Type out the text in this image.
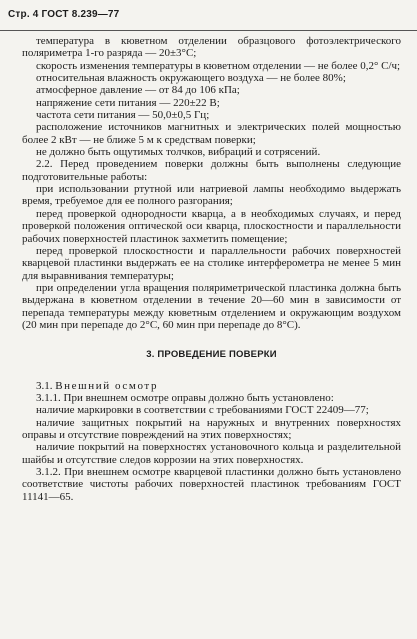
Стр. 4 ГОСТ 8.239—77

температура в кюветном отделении образцового фотоэлектрического поляриметра 1-го разряда — 20±3°C;

скорость изменения температуры в кюветном отделении — не более 0,2° С/ч;

относительная влажность окружающего воздуха — не более 80%;

атмосферное давление — от 84 до 106 кПа;

напряжение сети питания — 220±22 В;

частота сети питания — 50,0±0,5 Гц;

расположение источников магнитных и электрических полей мощностью более 2 кВт — не ближе 5 м к средствам поверки;

не должно быть ощутимых толчков, вибраций и сотрясений.

2.2. Перед проведением поверки должны быть выполнены следующие подготовительные работы:

при использовании ртутной или натриевой лампы необходимо выдержать время, требуемое для ее полного разгорания;

перед проверкой однородности кварца, а в необходимых случаях, и перед проверкой положения оптической оси кварца, плоскостности и параллельности рабочих поверхностей пластинок захметить помещение;

перед проверкой плоскостности и параллельности рабочих поверхностей кварцевой пластинки выдержать ее на столике интерферометра не менее 5 мин для выравнивания температуры;

при определении угла вращения поляриметрической пластинка должна быть выдержана в кюветном отделении в течение 20—60 мин в зависимости от перепада температуры между кюветным отделением и окружающим воздухом (20 мин при перепаде до 2°С, 60 мин при перепаде до 8°С).

3. ПРОВЕДЕНИЕ ПОВЕРКИ

3.1. Внешний осмотр

3.1.1. При внешнем осмотре оправы должно быть установлено:

наличие маркировки в соответствии с требованиями ГОСТ 22409—77;

наличие защитных покрытий на наружных и внутренних поверхностях оправы и отсутствие повреждений на этих поверхностях;

наличие покрытий на поверхностях установочного кольца и разделительной шайбы и отсутствие следов коррозии на этих поверхностях.

3.1.2. При внешнем осмотре кварцевой пластинки должно быть установлено соответствие чистоты рабочих поверхностей пластинок требованиям ГОСТ 11141—65.
